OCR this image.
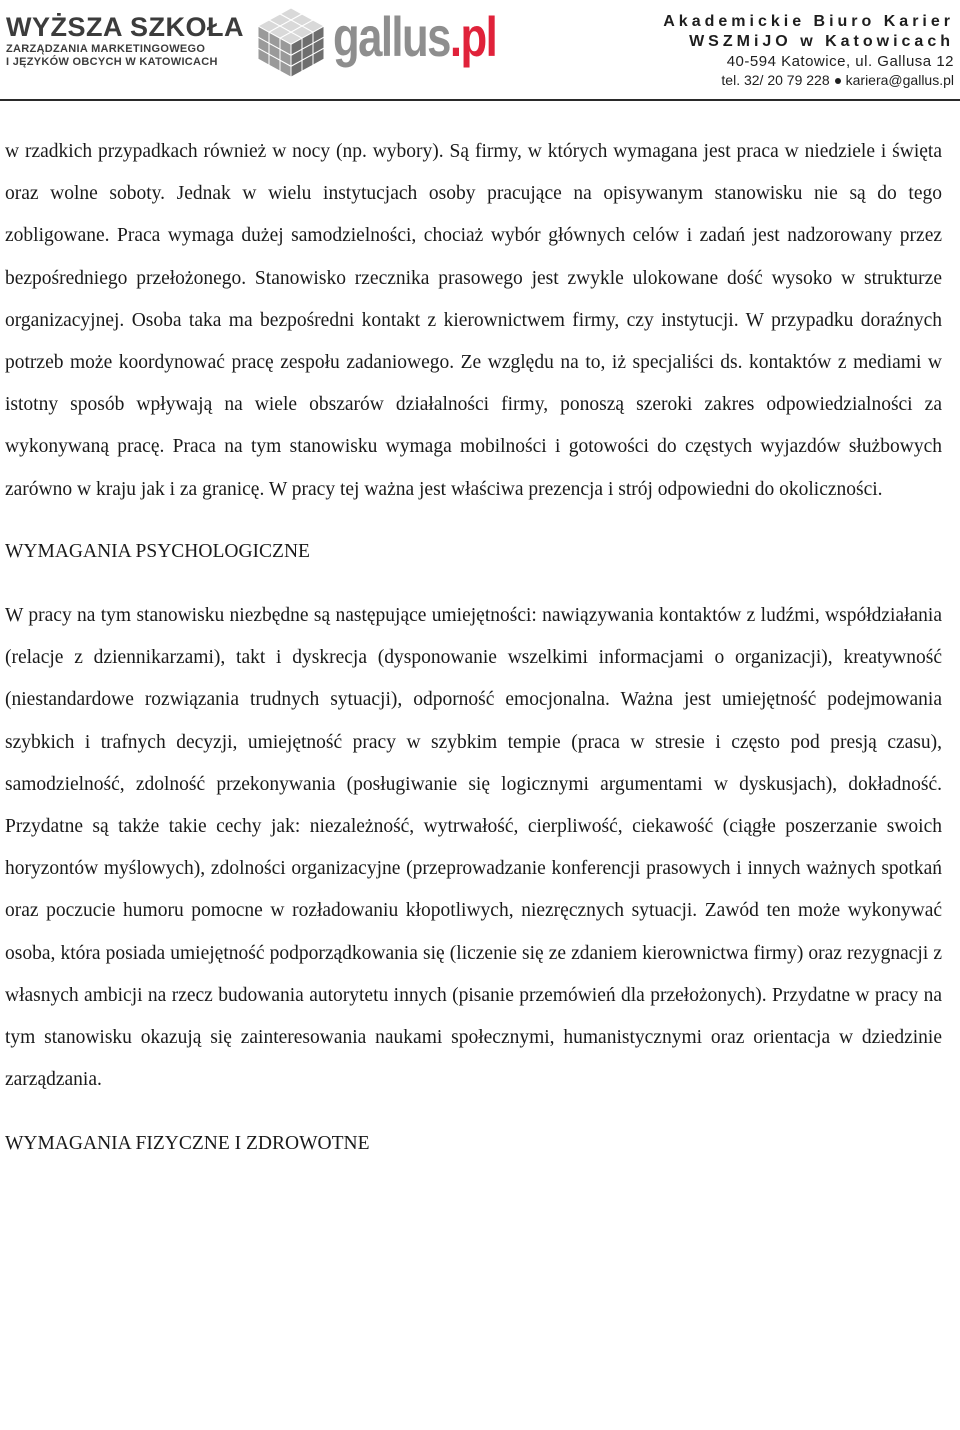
WYŻSZA SZKOŁA
ZARZĄDZANIA MARKETINGOWEGO
I JĘZYKÓW OBCYCH W KATOWICACH	gallus.pl	Akademickie Biuro Karier
WSZMiJO w Katowicach
40-594 Katowice, ul. Gallusa 12
tel. 32/ 20 79 228 kariera@gallus.pl

w rzadkich przypadkach również w nocy (np. wybory). Są firmy, w których wymagana jest praca w niedziele i święta oraz wolne soboty. Jednak w wielu instytucjach osoby pracujące na opisywanym stanowisku nie są do tego zobligowane. Praca wymaga dużej samodzielności, chociaż wybór głównych celów i zadań jest nadzorowany przez bezpośredniego przełożonego. Stanowisko rzecznika prasowego jest zwykle ulokowane dość wysoko w strukturze organizacyjnej. Osoba taka ma bezpośredni kontakt z kierownictwem firmy, czy instytucji. W przypadku doraźnych potrzeb może koordynować pracę zespołu zadaniowego. Ze względu na to, iż specjaliści ds. kontaktów z mediami w istotny sposób wpływają na wiele obszarów działalności firmy, ponoszą szeroki zakres odpowiedzialności za wykonywaną pracę. Praca na tym stanowisku wymaga mobilności i gotowości do częstych wyjazdów służbowych zarówno w kraju jak i za granicę. W pracy tej ważna jest właściwa prezencja i strój odpowiedni do okoliczności.

WYMAGANIA PSYCHOLOGICZNE

W pracy na tym stanowisku niezbędne są następujące umiejętności: nawiązywania kontaktów z ludźmi, współdziałania (relacje z dziennikarzami), takt i dyskrecja (dysponowanie wszelkimi informacjami o organizacji), kreatywność (niestandardowe rozwiązania trudnych sytuacji), odporność emocjonalna. Ważna jest umiejętność podejmowania szybkich i trafnych decyzji, umiejętność pracy w szybkim tempie (praca w stresie i często pod presją czasu), samodzielność, zdolność przekonywania (posługiwanie się logicznymi argumentami w dyskusjach), dokładność. Przydatne są także takie cechy jak: niezależność, wytrwałość, cierpliwość, ciekawość (ciągłe poszerzanie swoich horyzontów myślowych), zdolności organizacyjne (przeprowadzanie konferencji prasowych i innych ważnych spotkań oraz poczucie humoru pomocne w rozładowaniu kłopotliwych, niezręcznych sytuacji. Zawód ten może wykonywać osoba, która posiada umiejętność podporządkowania się (liczenie się ze zdaniem kierownictwa firmy) oraz rezygnacji z własnych ambicji na rzecz budowania autorytetu innych (pisanie przemówień dla przełożonych). Przydatne w pracy na tym stanowisku okazują się zainteresowania naukami społecznymi, humanistycznymi oraz orientacja w dziedzinie zarządzania.

WYMAGANIA FIZYCZNE I ZDROWOTNE
